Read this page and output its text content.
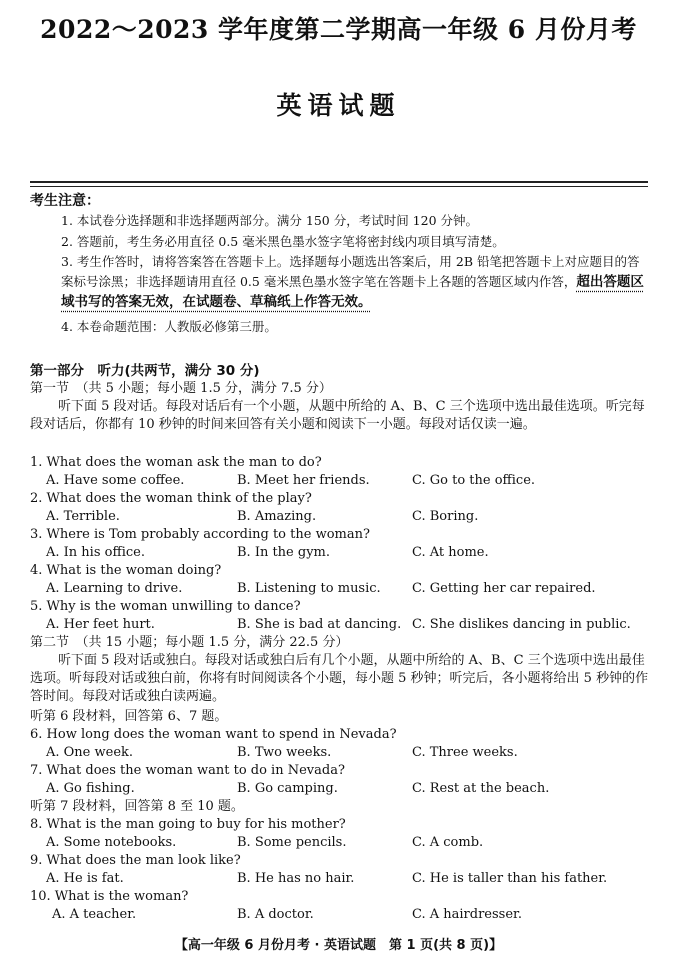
2022～2023 学年度第二学期高一年级 6 月份月考
英语试题
考生注意：
1. 本试卷分选择题和非选择题两部分。满分 150 分，考试时间 120 分钟。
2. 答题前，考生务必用直径 0.5 毫米黑色墨水签字笔将密封线内项目填写清楚。
3. 考生作答时，请将答案答在答题卡上。选择题每小题选出答案后，用 2B 铅笔把答题卡上对应题目的答案标号涂黑；非选择题请用直径 0.5 毫米黑色墨水签字笔在答题卡上各题的答题区域内作答，超出答题区域书写的答案无效，在试题卷、草稿纸上作答无效。
4. 本卷命题范围：人教版必修第三册。
第一部分　听力(共两节，满分 30 分)
第一节　（共 5 小题；每小题 1.5 分，满分 7.5 分）
听下面 5 段对话。每段对话后有一个小题，从题中所给的 A、B、C 三个选项中选出最佳选项。听完每段对话后，你都有 10 秒钟的时间来回答有关小题和阅读下一小题。每段对话仅读一遍。
1. What does the woman ask the man to do?
A. Have some coffee.	B. Meet her friends.	C. Go to the office.
2. What does the woman think of the play?
A. Terrible.	B. Amazing.	C. Boring.
3. Where is Tom probably according to the woman?
A. In his office.	B. In the gym.	C. At home.
4. What is the woman doing?
A. Learning to drive.	B. Listening to music. C. Getting her car repaired.
5. Why is the woman unwilling to dance?
A. Her feet hurt.	B. She is bad at dancing. C. She dislikes dancing in public.
第二节　（共 15 小题；每小题 1.5 分，满分 22.5 分）
听下面 5 段对话或独白。每段对话或独白后有几个小题，从题中所给的 A、B、C 三个选项中选出最佳选项。听每段对话或独白前，你将有时间阅读各个小题，每小题 5 秒钟；听完后，各小题将给出 5 秒钟的作答时间。每段对话或独白读两遍。
听第 6 段材料，回答第 6、7 题。
6. How long does the woman want to spend in Nevada?
A. One week.	B. Two weeks.	C. Three weeks.
7. What does the woman want to do in Nevada?
A. Go fishing.	B. Go camping.	C. Rest at the beach.
听第 7 段材料，回答第 8 至 10 题。
8. What is the man going to buy for his mother?
A. Some notebooks.	B. Some pencils.	C. A comb.
9. What does the man look like?
A. He is fat.	B. He has no hair.	C. He is taller than his father.
10. What is the woman?
A. A teacher.	B. A doctor.	C. A hairdresser.
【高一年级 6 月份月考 · 英语试题　第 1 页(共 8 页)】
